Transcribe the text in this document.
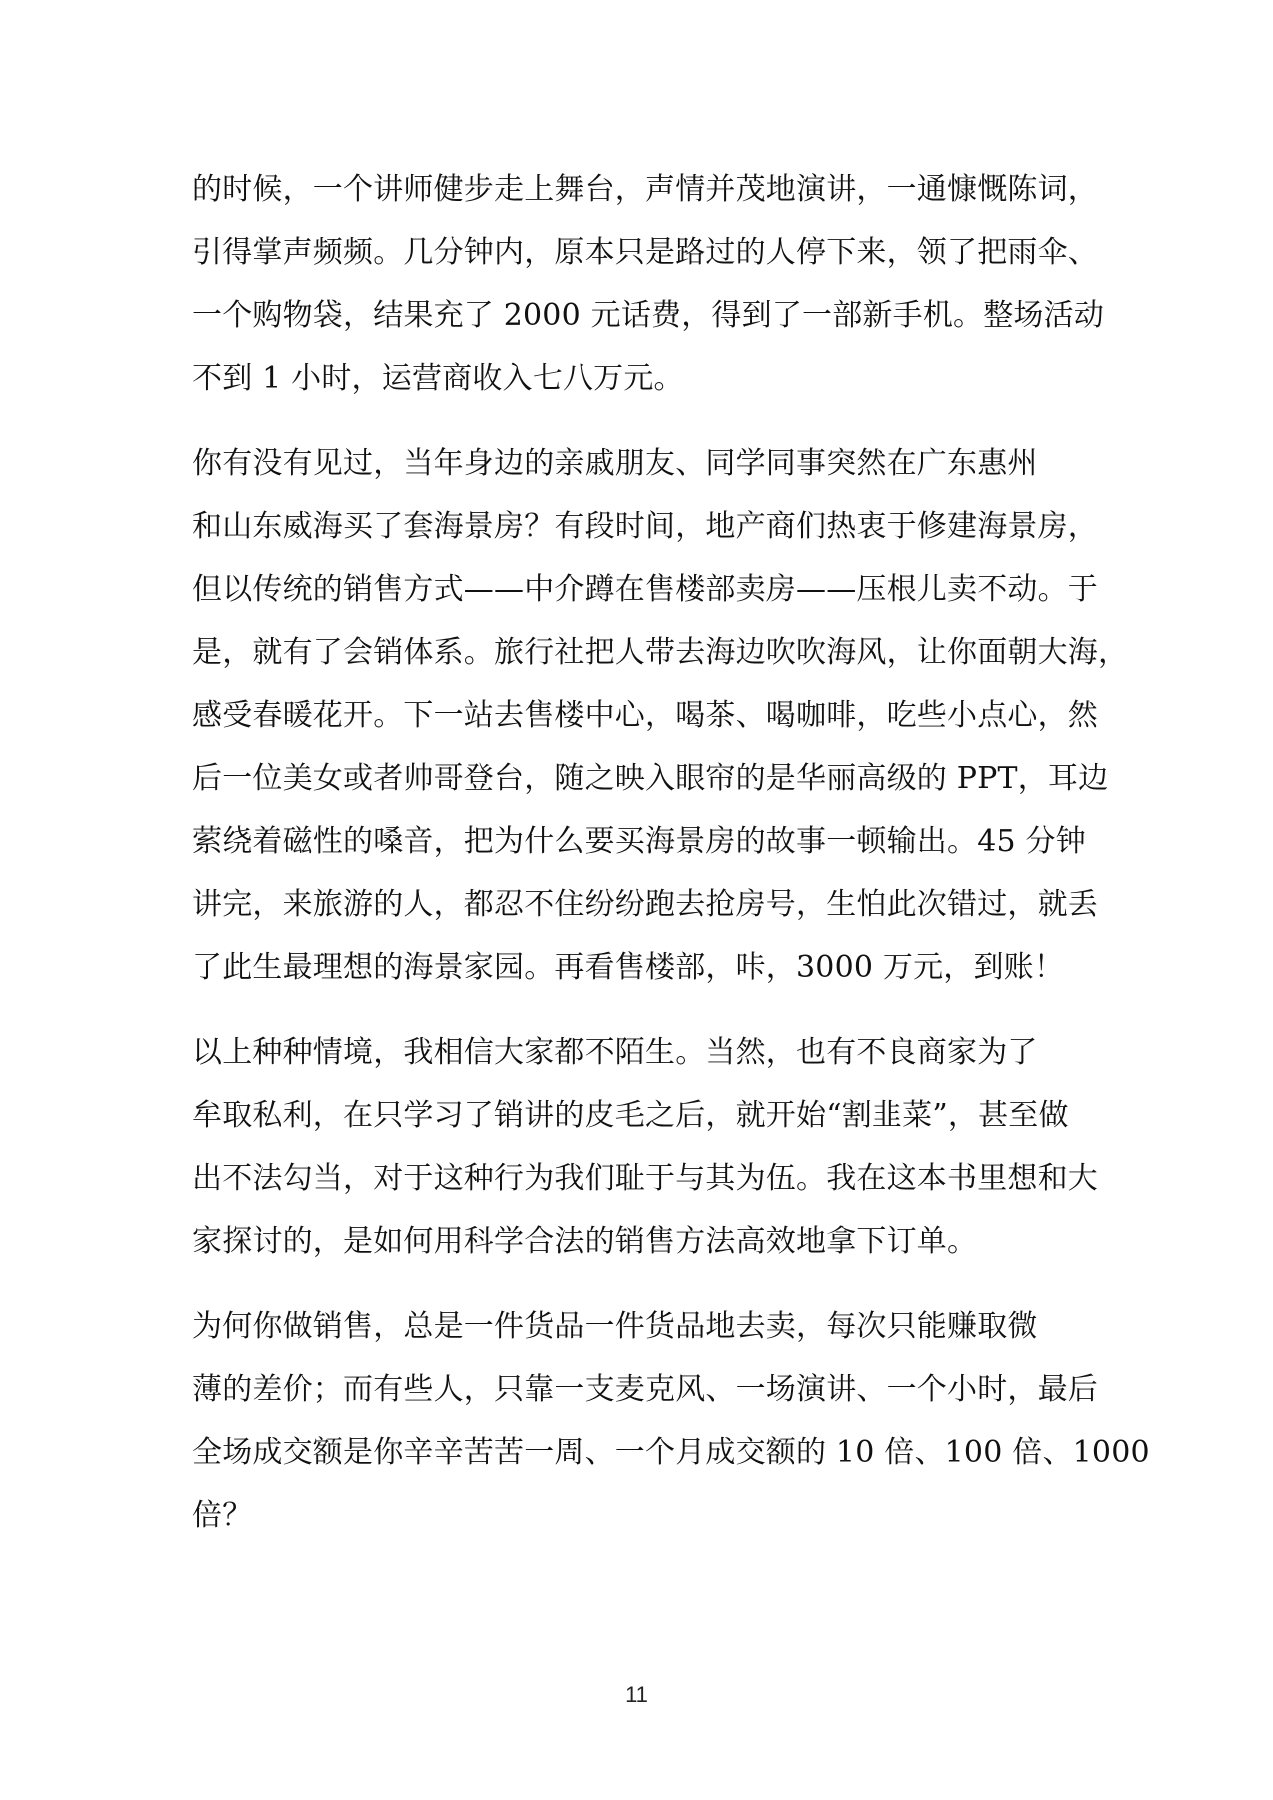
的时候，一个讲师健步走上舞台，声情并茂地演讲，一通慷慨陈词，
引得掌声频频。几分钟内，原本只是路过的人停下来，领了把雨伞、
一个购物袋，结果充了 2000 元话费，得到了一部新手机。整场活动
不到 1 小时，运营商收入七八万元。
你有没有见过，当年身边的亲戚朋友、同学同事突然在广东惠州
和山东威海买了套海景房？有段时间，地产商们热衷于修建海景房，
但以传统的销售方式——中介蹲在售楼部卖房——压根儿卖不动。于
是，就有了会销体系。旅行社把人带去海边吹吹海风，让你面朝大海，
感受春暖花开。下一站去售楼中心，喝茶、喝咖啡，吃些小点心，然
后一位美女或者帅哥登台，随之映入眼帘的是华丽高级的 PPT，耳边
萦绕着磁性的嗓音，把为什么要买海景房的故事一顿输出。45 分钟
讲完，来旅游的人，都忍不住纷纷跑去抢房号，生怕此次错过，就丢
了此生最理想的海景家园。再看售楼部，咔，3000 万元，到账！
以上种种情境，我相信大家都不陌生。当然，也有不良商家为了
牟取私利，在只学习了销讲的皮毛之后，就开始“割韭菜”，甚至做
出不法勾当，对于这种行为我们耻于与其为伍。我在这本书里想和大
家探讨的，是如何用科学合法的销售方法高效地拿下订单。
为何你做销售，总是一件货品一件货品地去卖，每次只能赚取微
薄的差价；而有些人，只靠一支麦克风、一场演讲、一个小时，最后
全场成交额是你辛辛苦苦一周、一个月成交额的 10 倍、100 倍、1000
倍？
11
